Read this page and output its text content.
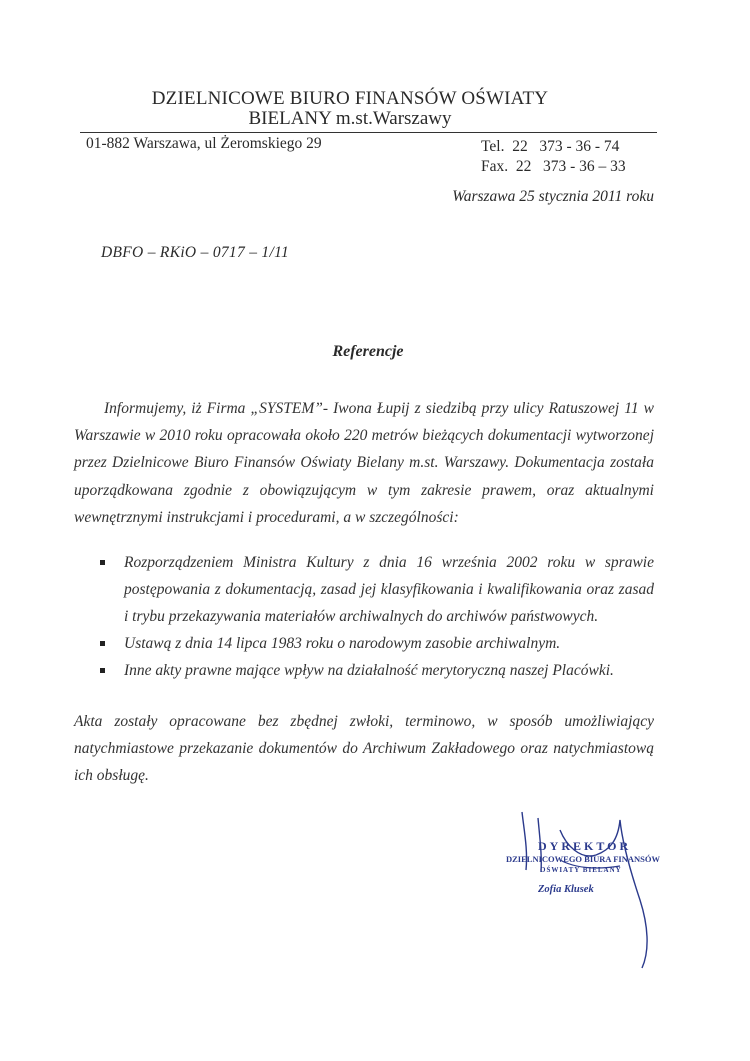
DZIELNICOWE BIURO FINANSÓW OŚWIATY
BIELANY m.st.Warszawy
01-882 Warszawa, ul Żeromskiego 29	Tel.  22   373 - 36 - 74
Fax.  22   373 - 36 – 33
Warszawa 25 stycznia 2011 roku
DBFO – RKiO – 0717 – 1/11
Referencje
Informujemy, iż Firma „SYSTEM”- Iwona Łupij z siedzibą przy ulicy Ratuszowej 11 w Warszawie w 2010 roku opracowała około 220 metrów bieżących dokumentacji wytworzonej przez Dzielnicowe Biuro Finansów Oświaty Bielany m.st. Warszawy. Dokumentacja została uporządkowana zgodnie z obowiązującym w tym zakresie prawem, oraz aktualnymi wewnętrznymi instrukcjami i procedurami, a w szczególności:
Rozporządzeniem Ministra Kultury z dnia 16 września 2002 roku w sprawie postępowania z dokumentacją, zasad jej klasyfikowania i kwalifikowania oraz zasad i trybu przekazywania materiałów archiwalnych do archiwów państwowych.
Ustawą z dnia 14 lipca 1983 roku o narodowym zasobie archiwalnym.
Inne akty prawne mające wpływ na działalność merytoryczną naszej Placówki.
Akta zostały opracowane bez zbędnej zwłoki, terminowo, w sposób umożliwiający natychmiastowe przekazanie dokumentów do Archiwum Zakładowego oraz natychmiastową ich obsługę.
DYREKTOR
DZIELNICOWEGO BIURA FINANSÓW
OŚWIATY BIELANY
Zofia Klusek
